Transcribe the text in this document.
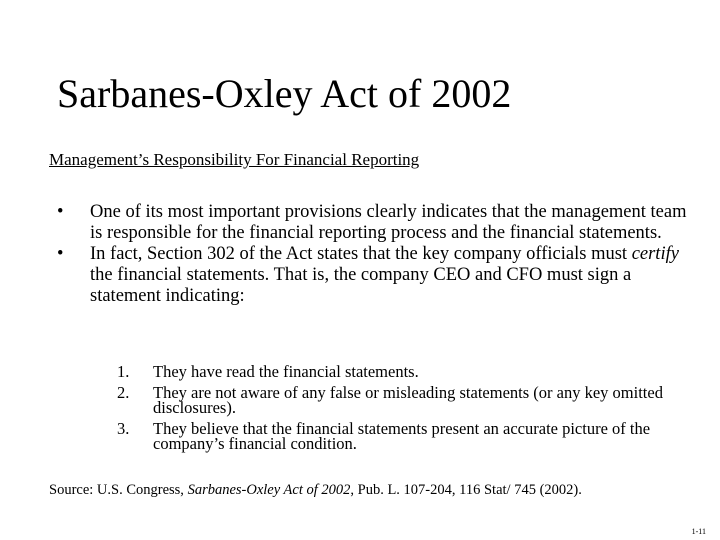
Sarbanes-Oxley Act of 2002
Management’s Responsibility For Financial Reporting
• One of its most important provisions clearly indicates that the management team is responsible for the financial reporting process and the financial statements.
• In fact, Section 302 of the Act states that the key company officials must certify the financial statements. That is, the company CEO and CFO must sign a statement indicating:
1. They have read the financial statements.
2. They are not aware of any false or misleading statements (or any key omitted disclosures).
3. They believe that the financial statements present an accurate picture of the company’s financial condition.
Source: U.S. Congress, Sarbanes-Oxley Act of 2002, Pub. L. 107-204, 116 Stat/ 745 (2002).
1-11
